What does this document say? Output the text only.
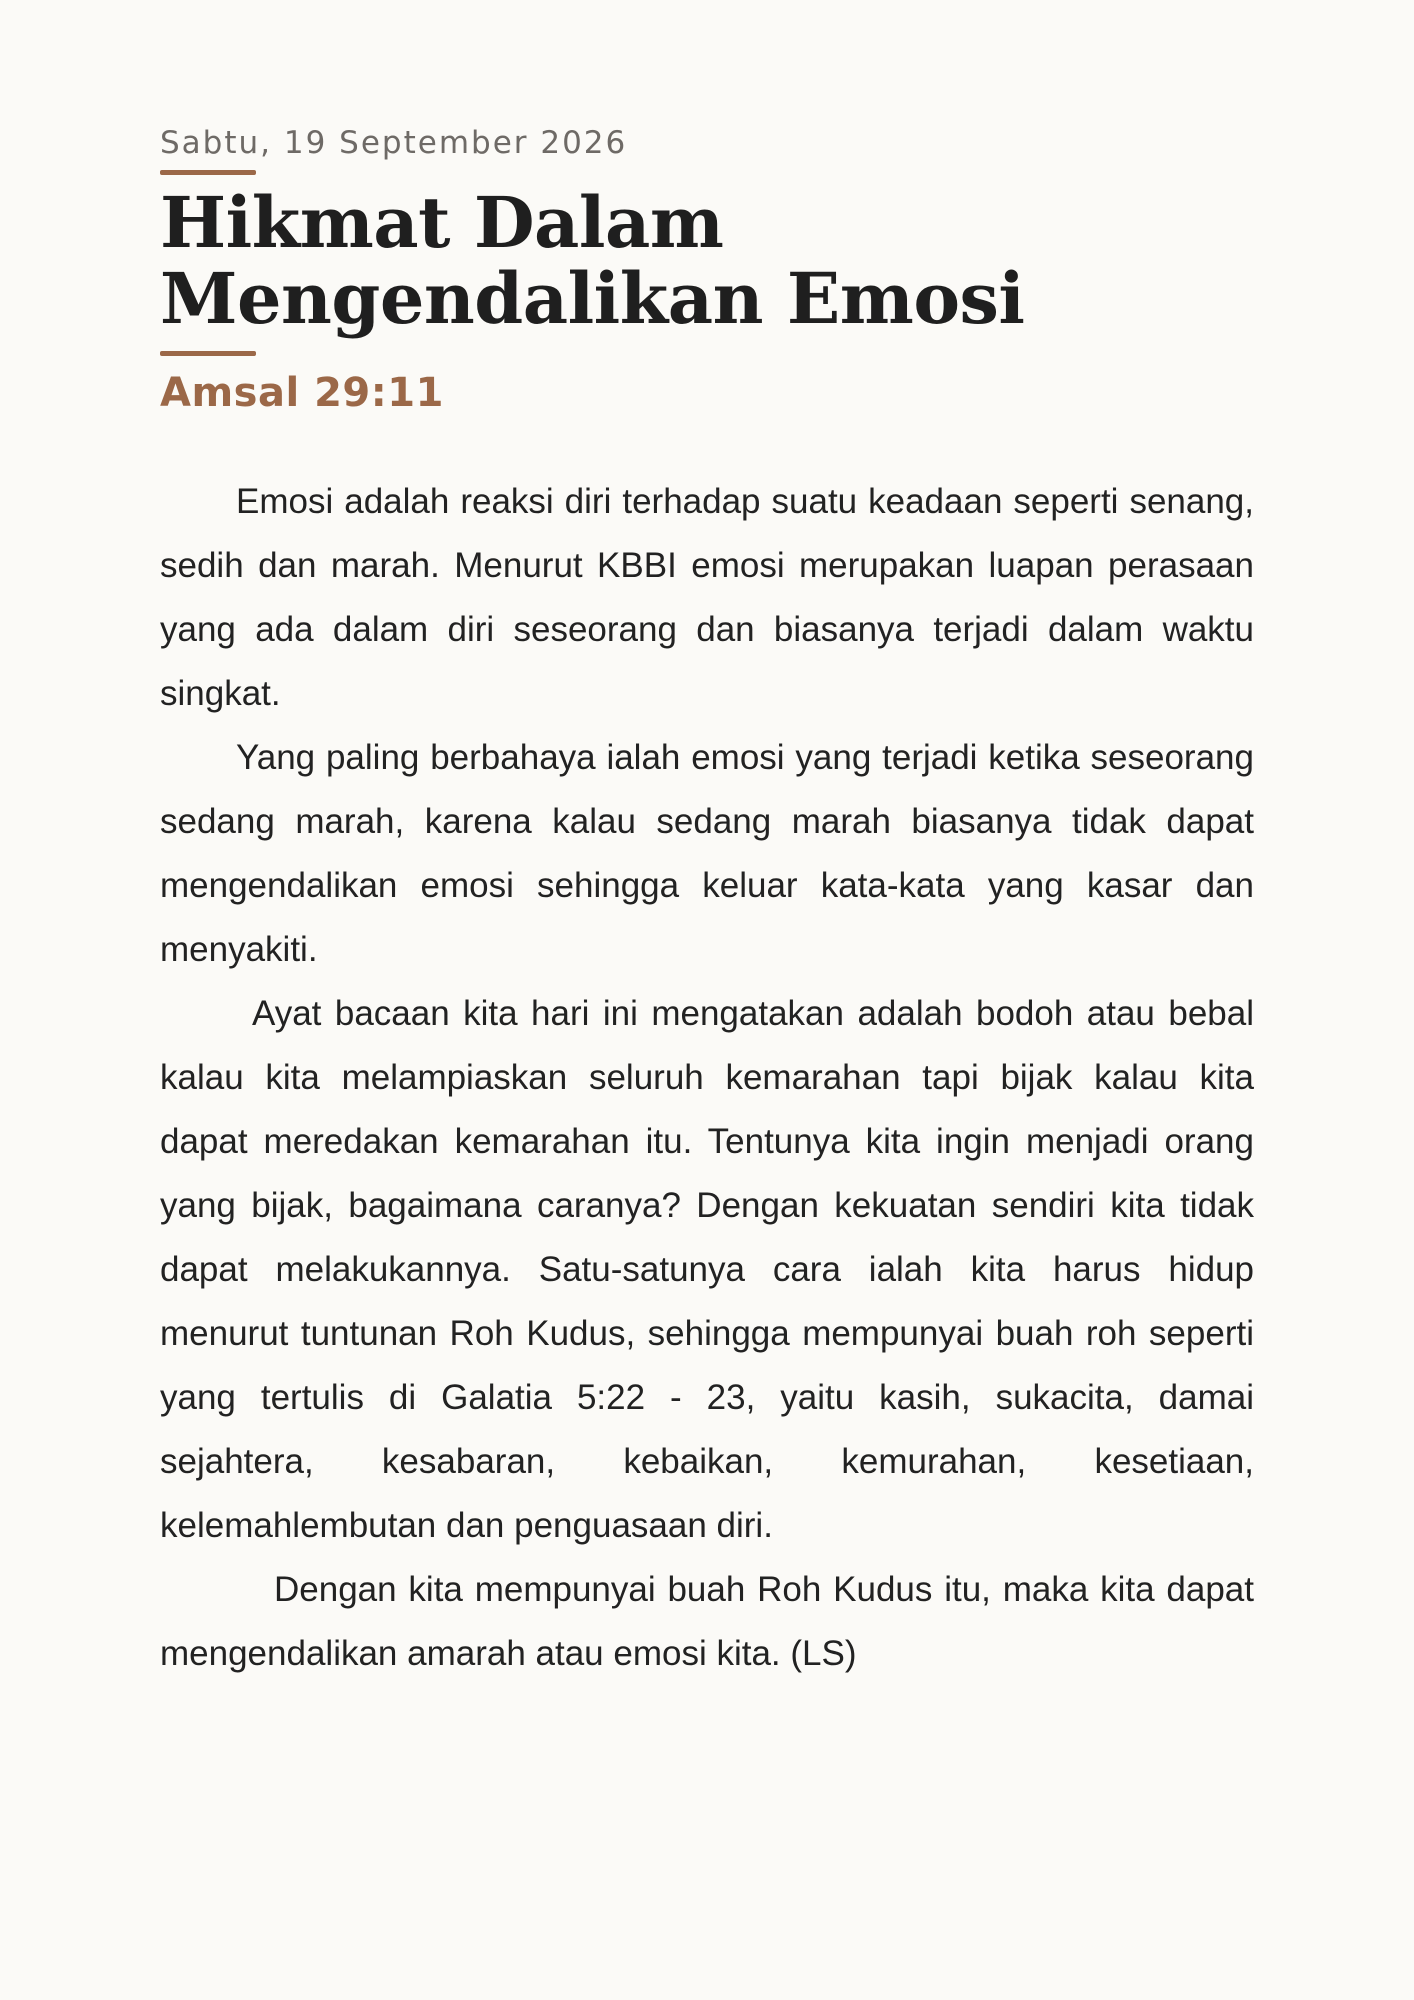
Sabtu, 19 September 2026

Hikmat Dalam Mengendalikan Emosi

Amsal 29:11

Emosi adalah reaksi diri terhadap suatu keadaan seperti senang, sedih dan marah. Menurut KBBI emosi merupakan luapan perasaan yang ada dalam diri seseorang dan biasanya terjadi dalam waktu singkat.

Yang paling berbahaya ialah emosi yang terjadi ketika seseorang sedang marah, karena kalau sedang marah biasanya tidak dapat mengendalikan emosi sehingga keluar kata-kata yang kasar dan menyakiti.

Ayat bacaan kita hari ini mengatakan adalah bodoh atau bebal kalau kita melampiaskan seluruh kemarahan tapi bijak kalau kita dapat meredakan kemarahan itu. Tentunya kita ingin menjadi orang yang bijak, bagaimana caranya? Dengan kekuatan sendiri kita tidak dapat melakukannya. Satu-satunya cara ialah kita harus hidup menurut tuntunan Roh Kudus, sehingga mempunyai buah roh seperti yang tertulis di Galatia 5:22 - 23, yaitu kasih, sukacita, damai sejahtera, kesabaran, kebaikan, kemurahan, kesetiaan, kelemahlembutan dan penguasaan diri.

Dengan kita mempunyai buah Roh Kudus itu, maka kita dapat mengendalikan amarah atau emosi kita. (LS)
